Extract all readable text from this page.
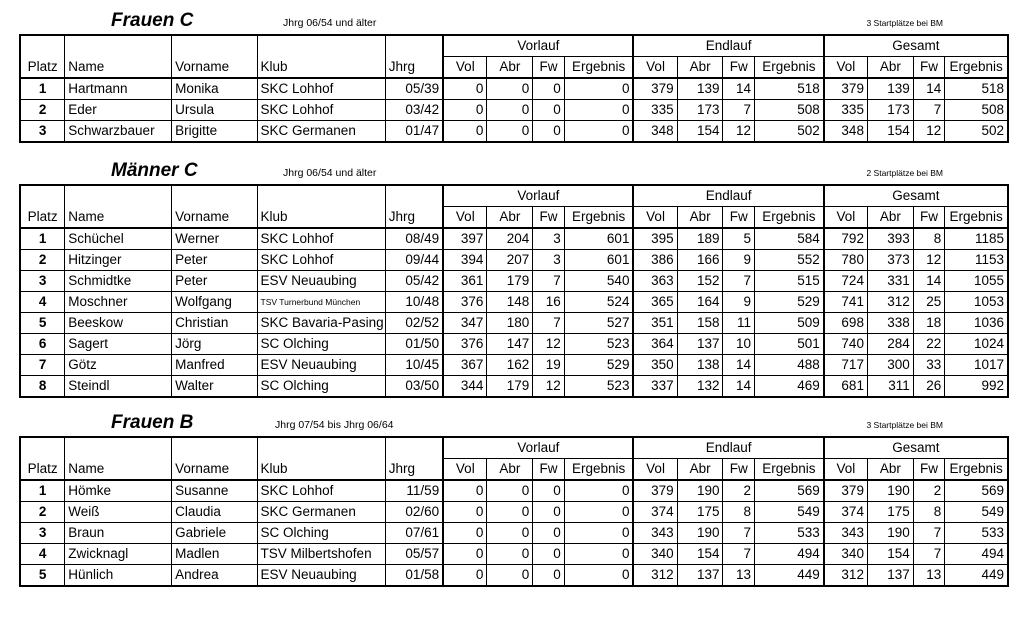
Frauen C	Jhrg 06/54 und älter	3 Startplätze bei BM
					Vorlauf				Endlauf				Gesamt			
Platz	Name	Vorname	Klub	Jhrg	Vol	Abr	Fw	Ergebnis	Vol	Abr	Fw	Ergebnis	Vol	Abr	Fw	Ergebnis
1	Hartmann	Monika	SKC Lohhof	05/39	0	0	0	0	379	139	14	518	379	139	14	518
2	Eder	Ursula	SKC Lohhof	03/42	0	0	0	0	335	173	7	508	335	173	7	508
3	Schwarzbauer	Brigitte	SKC Germanen	01/47	0	0	0	0	348	154	12	502	348	154	12	502
Männer C	Jhrg 06/54 und älter	2 Startplätze bei BM
					Vorlauf				Endlauf				Gesamt			
Platz	Name	Vorname	Klub	Jhrg	Vol	Abr	Fw	Ergebnis	Vol	Abr	Fw	Ergebnis	Vol	Abr	Fw	Ergebnis
1	Schüchel	Werner	SKC Lohhof	08/49	397	204	3	601	395	189	5	584	792	393	8	1185
2	Hitzinger	Peter	SKC Lohhof	09/44	394	207	3	601	386	166	9	552	780	373	12	1153
3	Schmidtke	Peter	ESV Neuaubing	05/42	361	179	7	540	363	152	7	515	724	331	14	1055
4	Moschner	Wolfgang	TSV Turnerbund München	10/48	376	148	16	524	365	164	9	529	741	312	25	1053
5	Beeskow	Christian	SKC Bavaria-Pasing	02/52	347	180	7	527	351	158	11	509	698	338	18	1036
6	Sagert	Jörg	SC Olching	01/50	376	147	12	523	364	137	10	501	740	284	22	1024
7	Götz	Manfred	ESV Neuaubing	10/45	367	162	19	529	350	138	14	488	717	300	33	1017
8	Steindl	Walter	SC Olching	03/50	344	179	12	523	337	132	14	469	681	311	26	992
Frauen B	Jhrg 07/54 bis Jhrg 06/64	3 Startplätze bei BM
					Vorlauf				Endlauf				Gesamt			
Platz	Name	Vorname	Klub	Jhrg	Vol	Abr	Fw	Ergebnis	Vol	Abr	Fw	Ergebnis	Vol	Abr	Fw	Ergebnis
1	Hömke	Susanne	SKC Lohhof	11/59	0	0	0	0	379	190	2	569	379	190	2	569
2	Weiß	Claudia	SKC Germanen	02/60	0	0	0	0	374	175	8	549	374	175	8	549
3	Braun	Gabriele	SC Olching	07/61	0	0	0	0	343	190	7	533	343	190	7	533
4	Zwicknagl	Madlen	TSV Milbertshofen	05/57	0	0	0	0	340	154	7	494	340	154	7	494
5	Hünlich	Andrea	ESV Neuaubing	01/58	0	0	0	0	312	137	13	449	312	137	13	449
